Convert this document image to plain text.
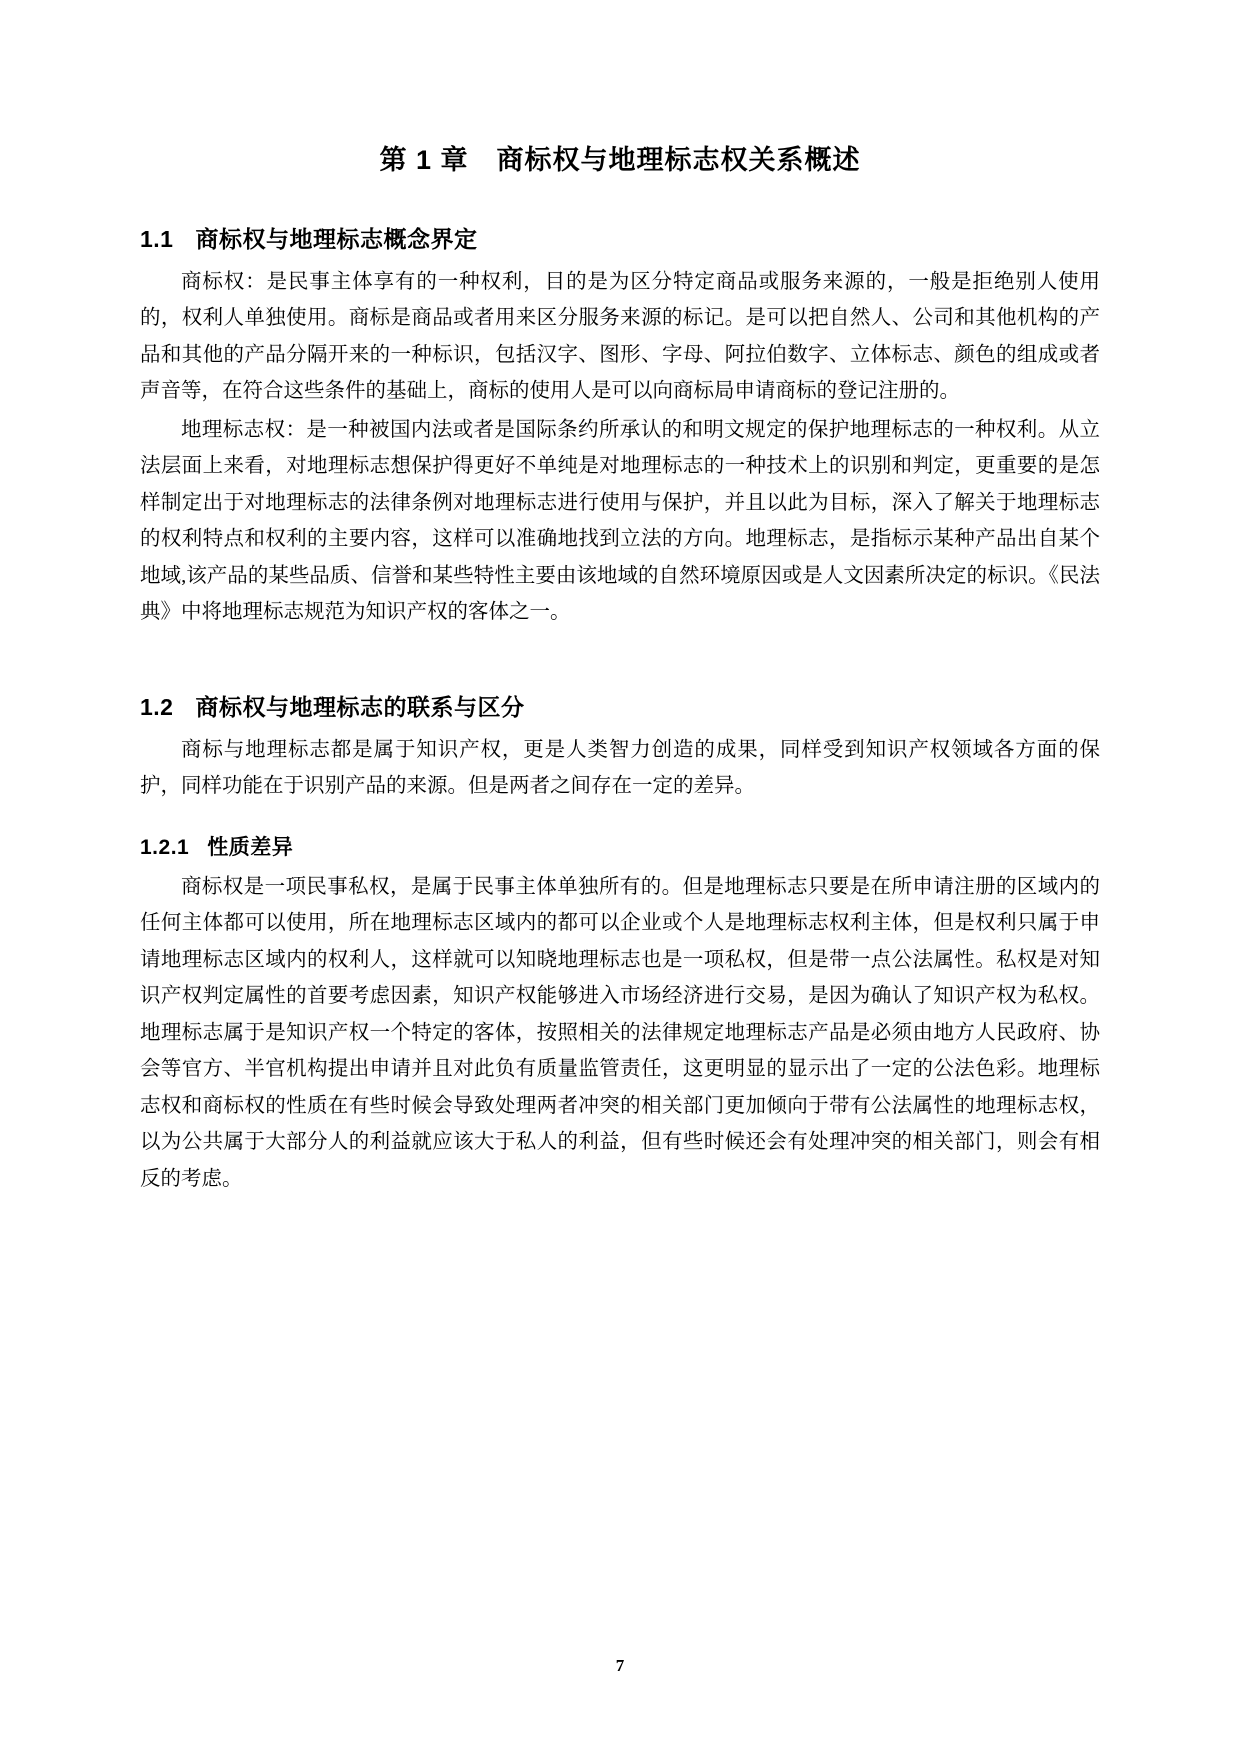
第 1 章　商标权与地理标志权关系概述
1.1 商标权与地理标志概念界定

商标权：是民事主体享有的一种权利，目的是为区分特定商品或服务来源的，一般是拒绝别人使用的，权利人单独使用。商标是商品或者用来区分服务来源的标记。是可以把自然人、公司和其他机构的产品和其他的产品分隔开来的一种标识，包括汉字、图形、字母、阿拉伯数字、立体标志、颜色的组成或者声音等，在符合这些条件的基础上，商标的使用人是可以向商标局申请商标的登记注册的。

地理标志权：是一种被国内法或者是国际条约所承认的和明文规定的保护地理标志的一种权利。从立法层面上来看，对地理标志想保护得更好不单纯是对地理标志的一种技术上的识别和判定，更重要的是怎样制定出于对地理标志的法律条例对地理标志进行使用与保护，并且以此为目标，深入了解关于地理标志的权利特点和权利的主要内容，这样可以准确地找到立法的方向。地理标志，是指标示某种产品出自某个地域,该产品的某些品质、信誉和某些特性主要由该地域的自然环境原因或是人文因素所决定的标识。《民法典》中将地理标志规范为知识产权的客体之一。

1.2 商标权与地理标志的联系与区分

商标与地理标志都是属于知识产权，更是人类智力创造的成果，同样受到知识产权领域各方面的保护，同样功能在于识别产品的来源。但是两者之间存在一定的差异。

1.2.1 性质差异

商标权是一项民事私权，是属于民事主体单独所有的。但是地理标志只要是在所申请注册的区域内的任何主体都可以使用，所在地理标志区域内的都可以企业或个人是地理标志权利主体，但是权利只属于申请地理标志区域内的权利人，这样就可以知晓地理标志也是一项私权，但是带一点公法属性。私权是对知识产权判定属性的首要考虑因素，知识产权能够进入市场经济进行交易，是因为确认了知识产权为私权。地理标志属于是知识产权一个特定的客体，按照相关的法律规定地理标志产品是必须由地方人民政府、协会等官方、半官机构提出申请并且对此负有质量监管责任，这更明显的显示出了一定的公法色彩。地理标志权和商标权的性质在有些时候会导致处理两者冲突的相关部门更加倾向于带有公法属性的地理标志权，以为公共属于大部分人的利益就应该大于私人的利益，但有些时候还会有处理冲突的相关部门，则会有相反的考虑。

7
